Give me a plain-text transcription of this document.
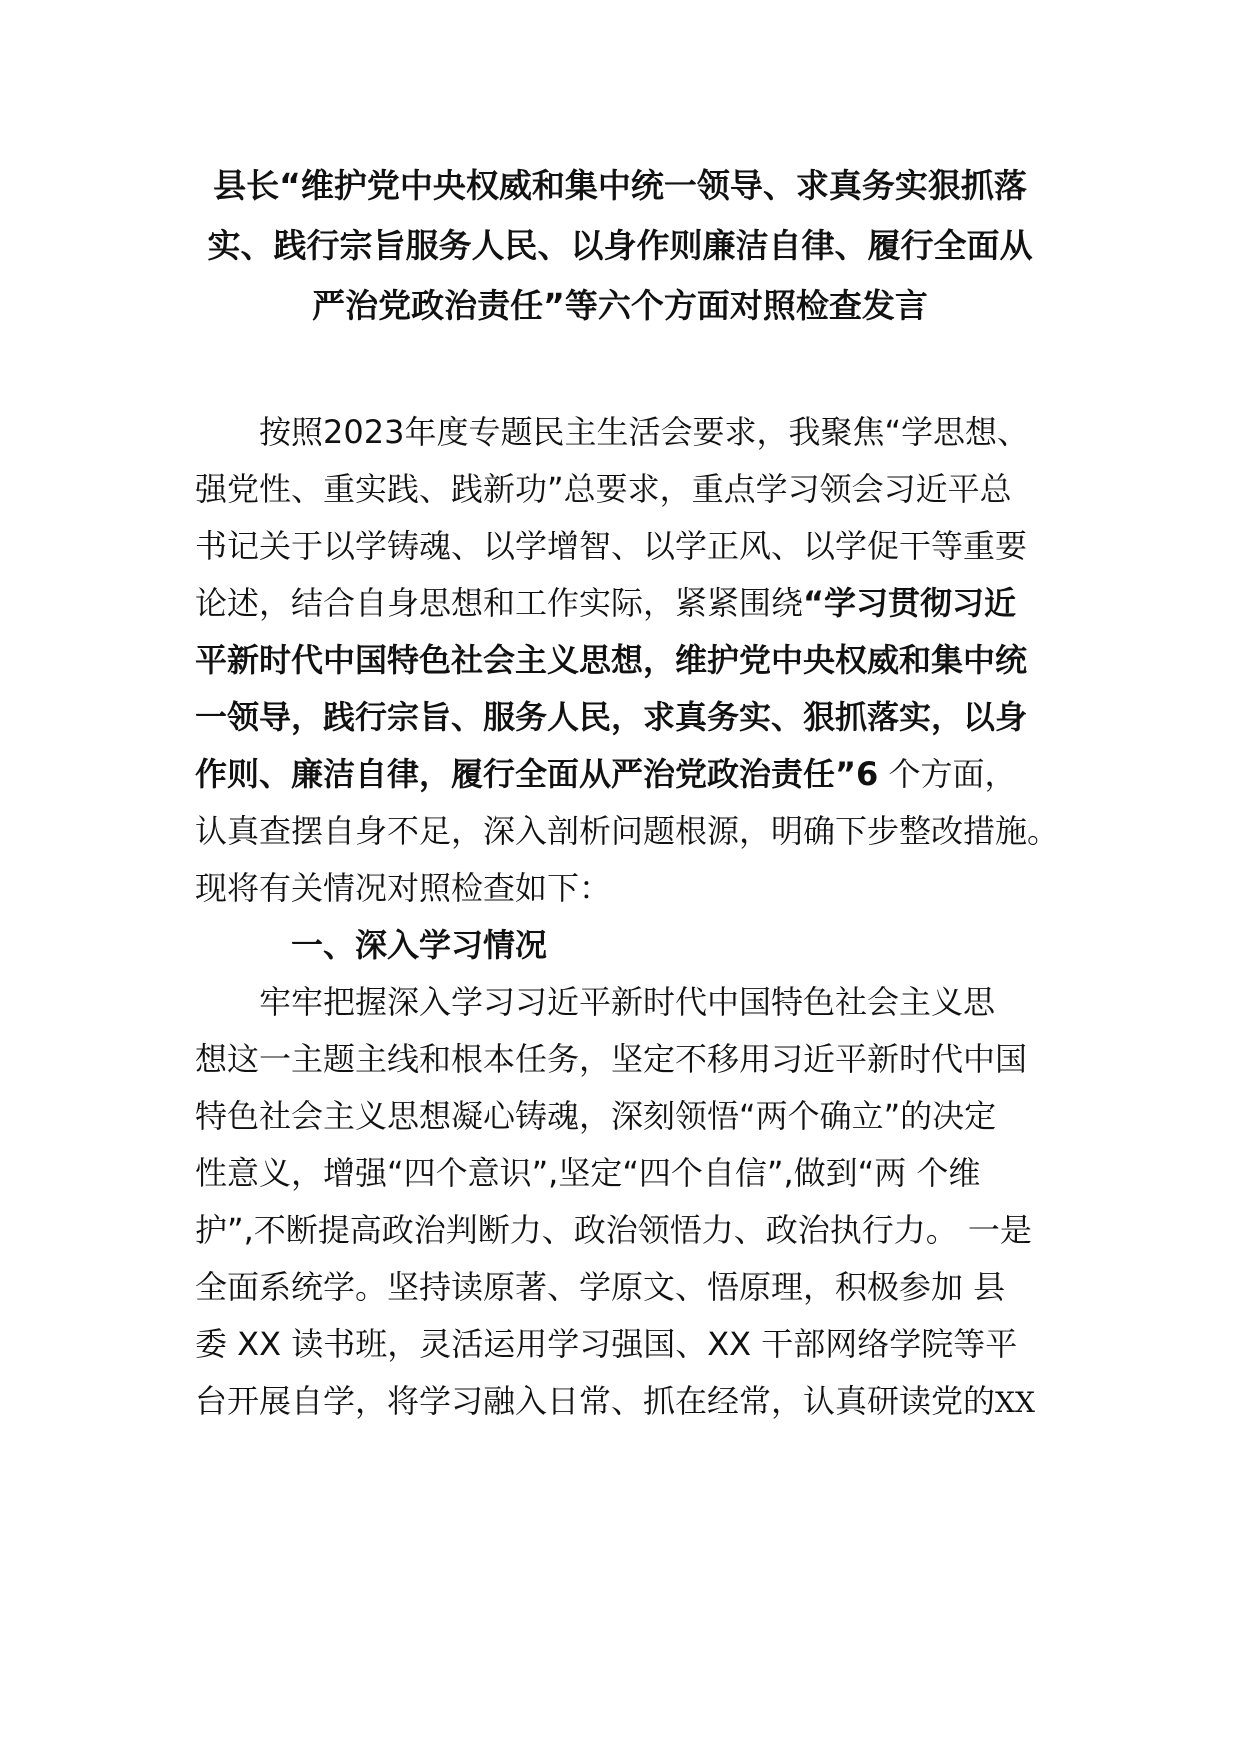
县长“维护党中央权威和集中统一领导、求真务实狠抓落
实、践行宗旨服务人民、以身作则廉洁自律、履行全面从
严治党政治责任”等六个方面对照检查发言
按照2023年度专题民主生活会要求，我聚焦“学思想、
强党性、重实践、践新功”总要求，重点学习领会习近平总
书记关于以学铸魂、以学增智、以学正风、以学促干等重要
论述，结合自身思想和工作实际，紧紧围绕“学习贯彻习近
平新时代中国特色社会主义思想，维护党中央权威和集中统
一领导，践行宗旨、服务人民，求真务实、狠抓落实，以身
作则、廉洁自律，履行全面从严治党政治责任”6 个方面，
认真查摆自身不足，深入剖析问题根源，明确下步整改措施。
现将有关情况对照检查如下：
一、深入学习情况
牢牢把握深入学习习近平新时代中国特色社会主义思
想这一主题主线和根本任务，坚定不移用习近平新时代中国
特色社会主义思想凝心铸魂，深刻领悟“两个确立”的决定
性意义，增强“四个意识”,坚定“四个自信”,做到“两 个维
护”,不断提高政治判断力、政治领悟力、政治执行力。 一是
全面系统学。坚持读原著、学原文、悟原理，积极参加 县
委 XX 读书班，灵活运用学习强国、XX 干部网络学院等平
台开展自学，将学习融入日常、抓在经常，认真研读党的XX
